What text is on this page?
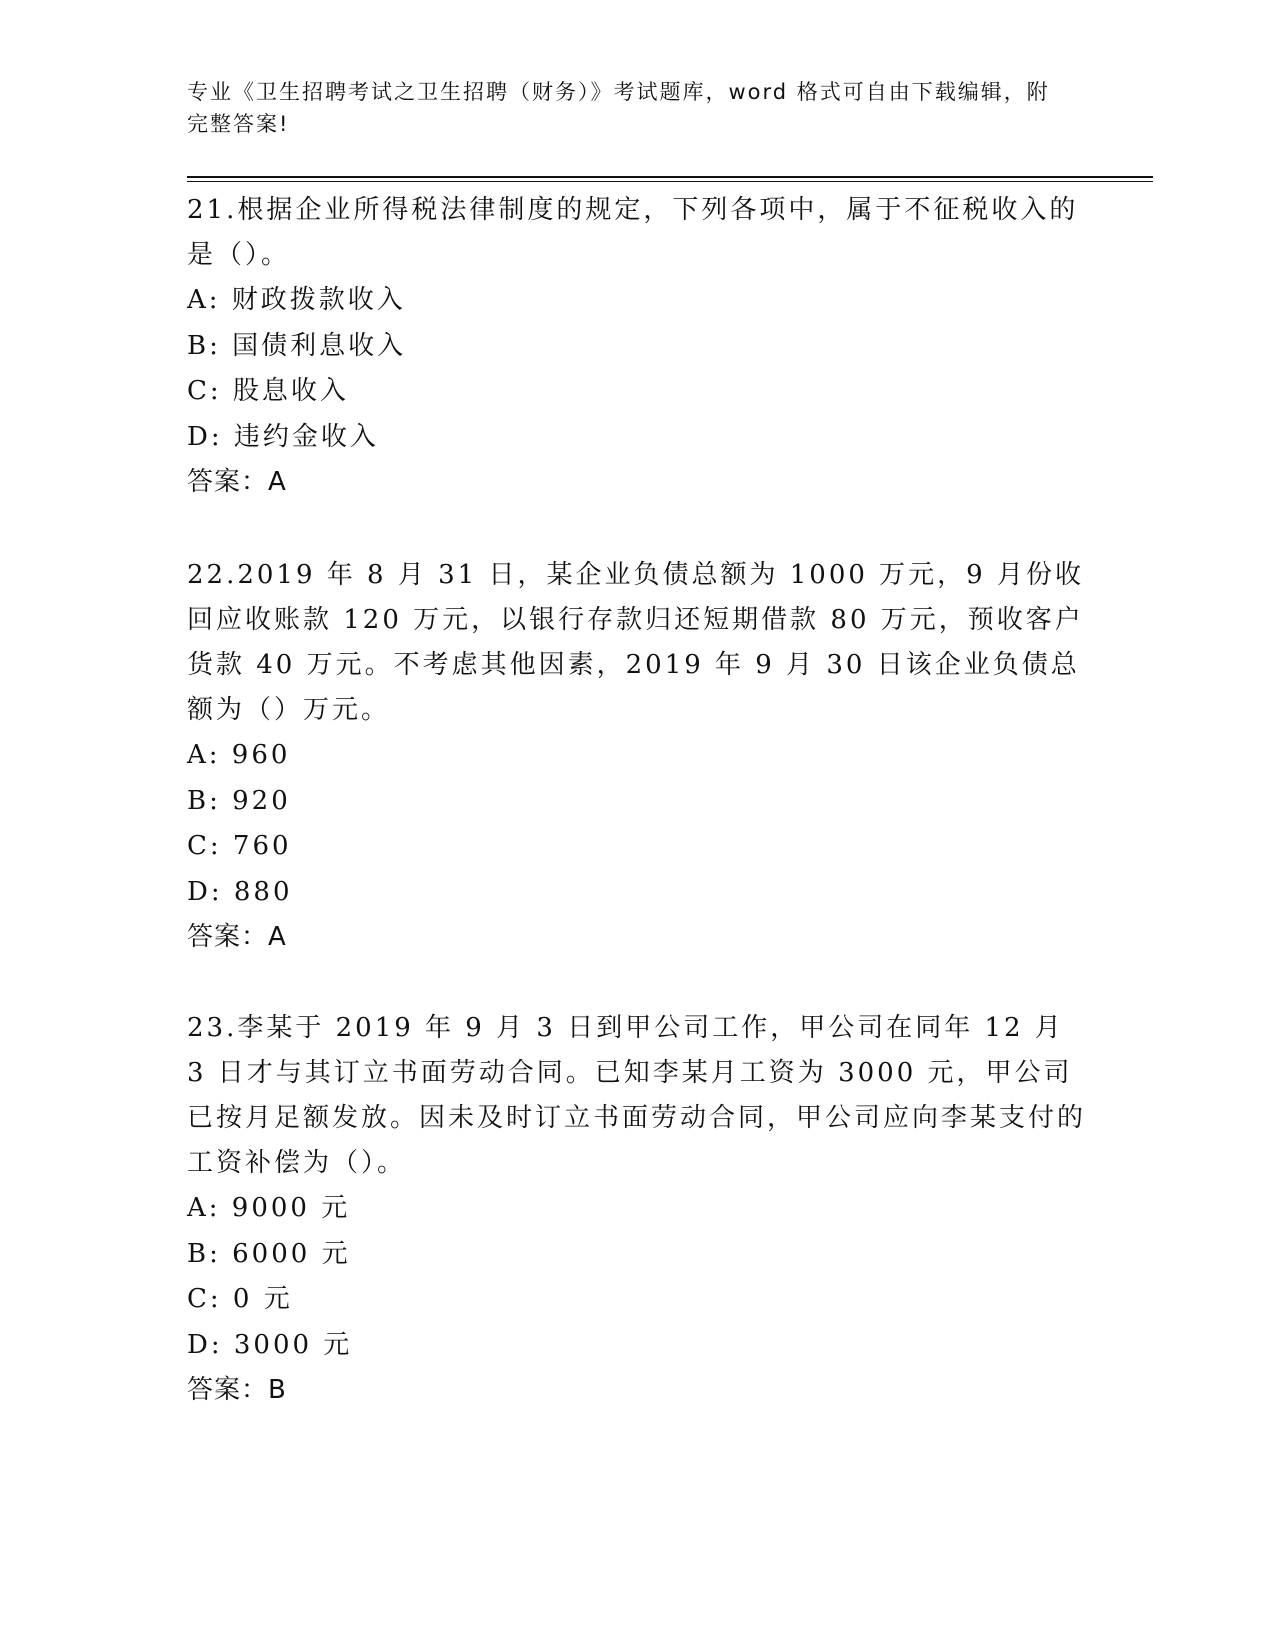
专业《卫生招聘考试之卫生招聘（财务）》考试题库，word 格式可自由下载编辑，附完整答案!

21.根据企业所得税法律制度的规定，下列各项中，属于不征税收入的是（）。

A: 财政拨款收入

B: 国债利息收入

C: 股息收入

D: 违约金收入

答案：A

22.2019 年 8 月 31 日，某企业负债总额为 1000 万元，9 月份收回应收账款 120 万元，以银行存款归还短期借款 80 万元，预收客户货款 40 万元。不考虑其他因素，2019 年 9 月 30 日该企业负债总额为（）万元。

A: 960

B: 920

C: 760

D: 880

答案：A

23.李某于 2019 年 9 月 3 日到甲公司工作，甲公司在同年 12 月 3 日才与其订立书面劳动合同。已知李某月工资为 3000 元，甲公司已按月足额发放。因未及时订立书面劳动合同，甲公司应向李某支付的工资补偿为（）。

A: 9000 元

B: 6000 元

C: 0 元

D: 3000 元

答案：B
